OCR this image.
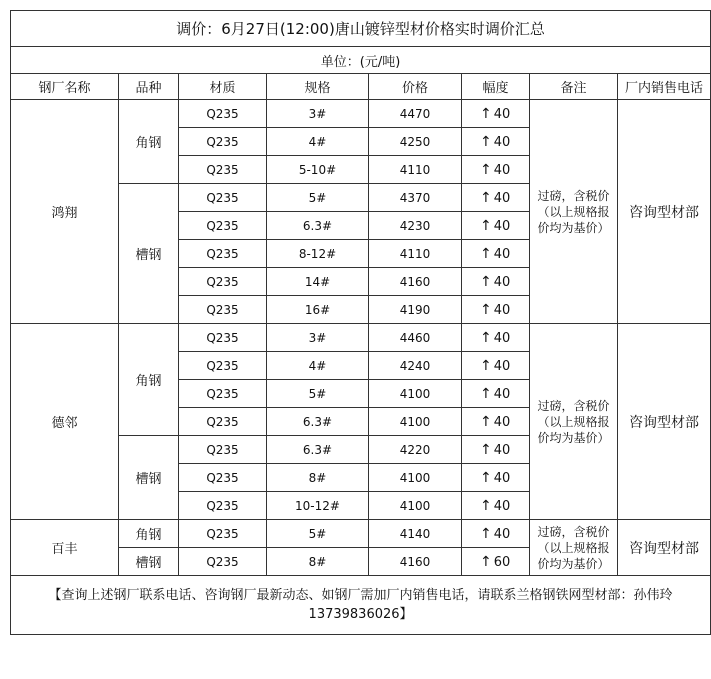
调价：6月27日(12:00)唐山镀锌型材价格实时调价汇总							
单位：(元/吨)							
钢厂名称	品种	材质	规格	价格	幅度	备注	厂内销售电话
鸿翔	角钢	Q235	3#	4470	↑ 40	过磅，含税价（以上规格报价均为基价）	咨询型材部
		Q235	4#	4250	↑ 40		
		Q235	5-10#	4110	↑ 40		
	槽钢	Q235	5#	4370	↑ 40		
		Q235	6.3#	4230	↑ 40		
		Q235	8-12#	4110	↑ 40		
		Q235	14#	4160	↑ 40		
		Q235	16#	4190	↑ 40		
德邻	角钢	Q235	3#	4460	↑ 40	过磅，含税价（以上规格报价均为基价）	咨询型材部
		Q235	4#	4240	↑ 40		
		Q235	5#	4100	↑ 40		
		Q235	6.3#	4100	↑ 40		
	槽钢	Q235	6.3#	4220	↑ 40		
		Q235	8#	4100	↑ 40		
		Q235	10-12#	4100	↑ 40		
百丰	角钢	Q235	5#	4140	↑ 40	过磅，含税价（以上规格报价均为基价）	咨询型材部
	槽钢	Q235	8#	4160	↑ 60		
【查询上述钢厂联系电话、咨询钢厂最新动态、如钢厂需加厂内销售电话，请联系兰格钢铁网型材部：孙伟玲13739836026】							
